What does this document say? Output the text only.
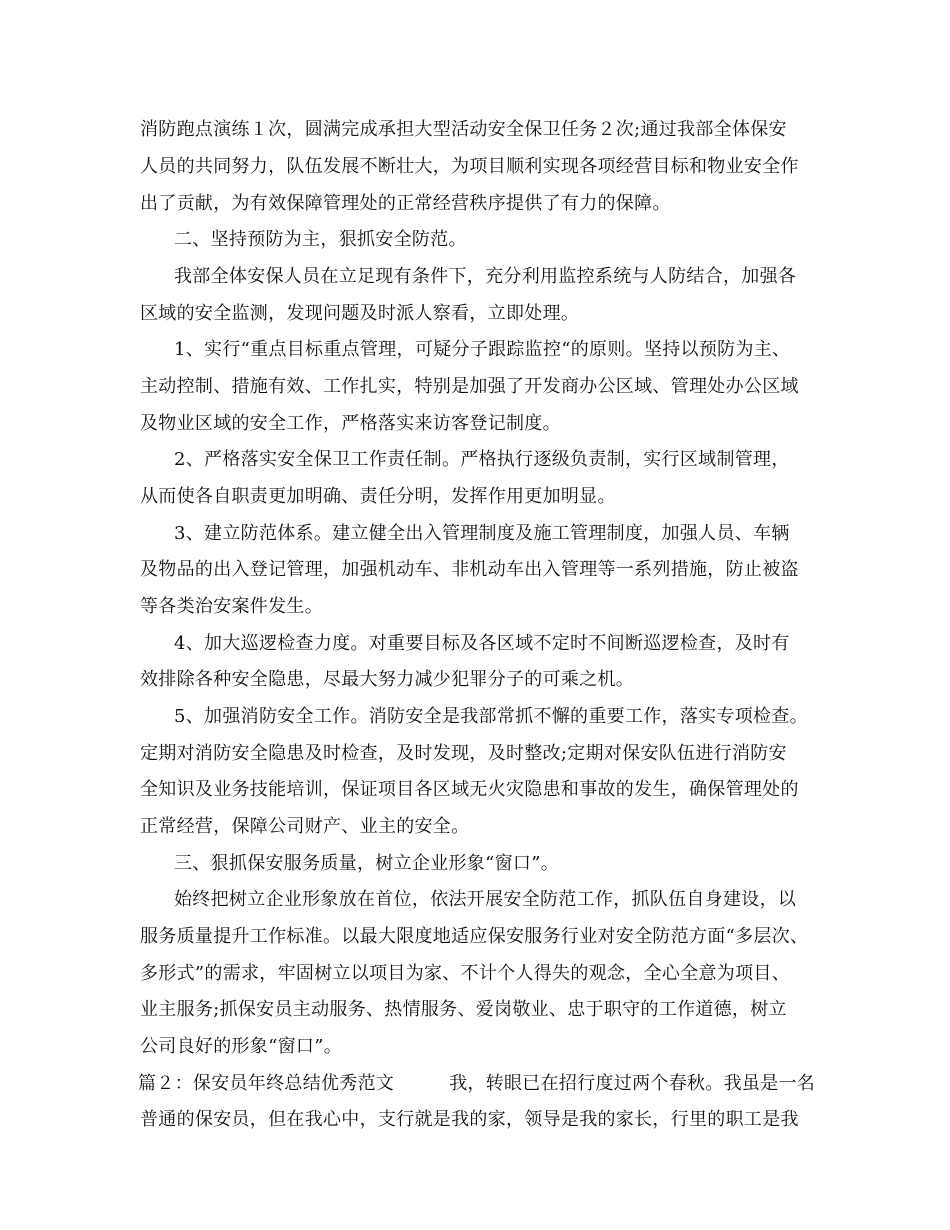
消防跑点演练１次，圆满完成承担大型活动安全保卫任务２次;通过我部全体保安
人员的共同努力，队伍发展不断壮大，为项目顺利实现各项经营目标和物业安全作
出了贡献，为有效保障管理处的正常经营秩序提供了有力的保障。
二、坚持预防为主，狠抓安全防范。
我部全体安保人员在立足现有条件下，充分利用监控系统与人防结合，加强各
区域的安全监测，发现问题及时派人察看，立即处理。
1、实行“重点目标重点管理，可疑分子跟踪监控“的原则。坚持以预防为主、
主动控制、措施有效、工作扎实，特别是加强了开发商办公区域、管理处办公区域
及物业区域的安全工作，严格落实来访客登记制度。
2、严格落实安全保卫工作责任制。严格执行逐级负责制，实行区域制管理，
从而使各自职责更加明确、责任分明，发挥作用更加明显。
3、建立防范体系。建立健全出入管理制度及施工管理制度，加强人员、车辆
及物品的出入登记管理，加强机动车、非机动车出入管理等一系列措施，防止被盗
等各类治安案件发生。
4、加大巡逻检查力度。对重要目标及各区域不定时不间断巡逻检查，及时有
效排除各种安全隐患，尽最大努力减少犯罪分子的可乘之机。
5、加强消防安全工作。消防安全是我部常抓不懈的重要工作，落实专项检查。
定期对消防安全隐患及时检查，及时发现，及时整改;定期对保安队伍进行消防安
全知识及业务技能培训，保证项目各区域无火灾隐患和事故的发生，确保管理处的
正常经营，保障公司财产、业主的安全。
三、狠抓保安服务质量，树立企业形象“窗口”。
始终把树立企业形象放在首位，依法开展安全防范工作，抓队伍自身建设，以
服务质量提升工作标准。以最大限度地适应保安服务行业对安全防范方面“多层次、
多形式”的需求，牢固树立以项目为家、不计个人得失的观念，全心全意为项目、
业主服务;抓保安员主动服务、热情服务、爱岗敬业、忠于职守的工作道德，树立
公司良好的形象“窗口”。
篇２：保安员年终总结优秀范文　　　我，转眼已在招行度过两个春秋。我虽是一名
普通的保安员，但在我心中，支行就是我的家，领导是我的家长，行里的职工是我
